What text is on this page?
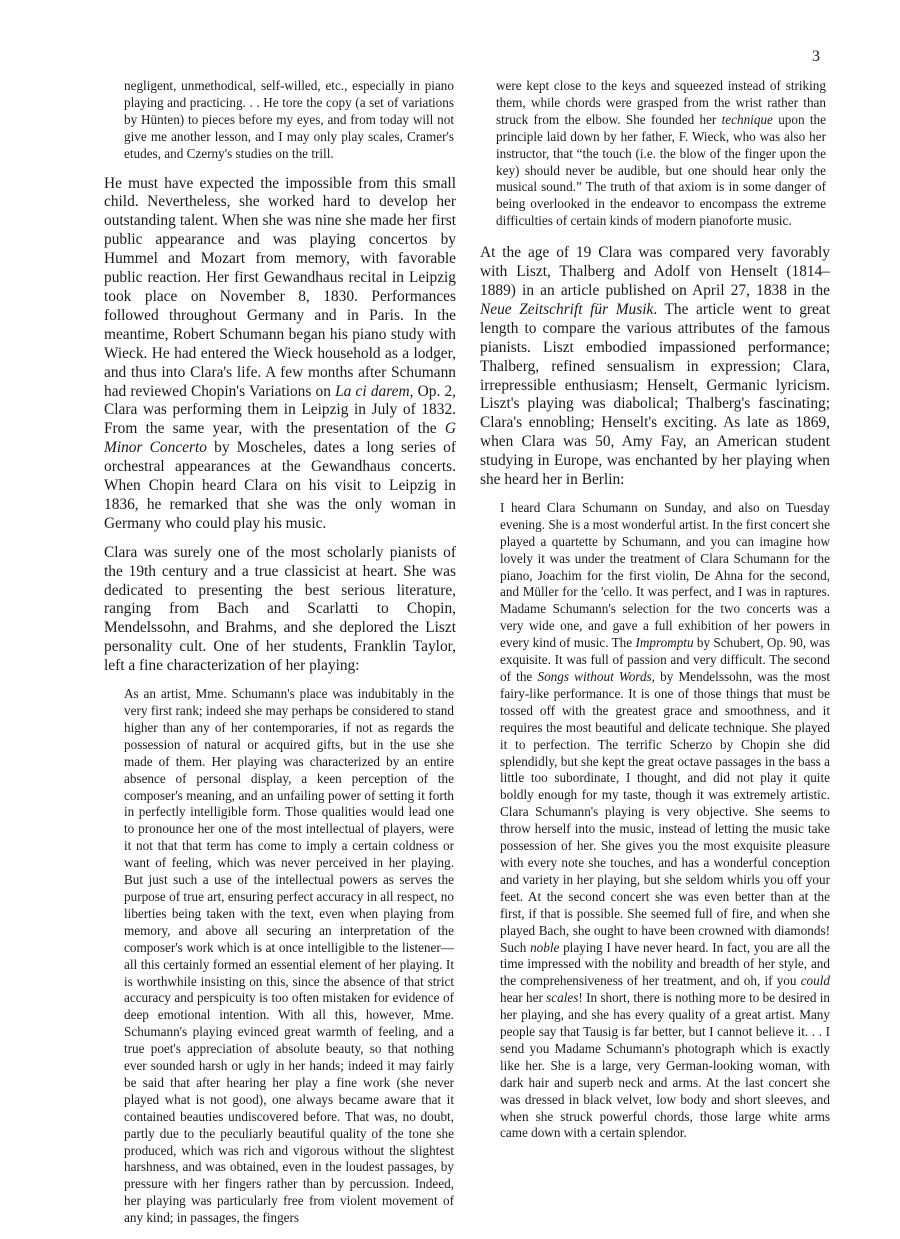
3

negligent, unmethodical, self-willed, etc., especially in piano playing and practicing. . . He tore the copy (a set of variations by Hünten) to pieces before my eyes, and from today will not give me another lesson, and I may only play scales, Cramer's etudes, and Czerny's studies on the trill.

He must have expected the impossible from this small child. Nevertheless, she worked hard to develop her outstanding talent. When she was nine she made her first public appearance and was playing concertos by Hummel and Mozart from memory, with favorable public reaction. Her first Gewandhaus recital in Leipzig took place on November 8, 1830. Performances followed throughout Germany and in Paris. In the meantime, Robert Schumann began his piano study with Wieck. He had entered the Wieck household as a lodger, and thus into Clara's life. A few months after Schumann had reviewed Chopin's Variations on La ci darem, Op. 2, Clara was performing them in Leipzig in July of 1832. From the same year, with the presentation of the G Minor Concerto by Moscheles, dates a long series of orchestral appearances at the Gewandhaus concerts. When Chopin heard Clara on his visit to Leipzig in 1836, he remarked that she was the only woman in Germany who could play his music.

Clara was surely one of the most scholarly pianists of the 19th century and a true classicist at heart. She was dedicated to presenting the best serious literature, ranging from Bach and Scarlatti to Chopin, Mendelssohn, and Brahms, and she deplored the Liszt personality cult. One of her students, Franklin Taylor, left a fine characterization of her playing:

As an artist, Mme. Schumann's place was indubitably in the very first rank; indeed she may perhaps be considered to stand higher than any of her contemporaries, if not as regards the possession of natural or acquired gifts, but in the use she made of them. Her playing was characterized by an entire absence of personal display, a keen perception of the composer's meaning, and an unfailing power of setting it forth in perfectly intelligible form. Those qualities would lead one to pronounce her one of the most intellectual of players, were it not that that term has come to imply a certain coldness or want of feeling, which was never perceived in her playing. But just such a use of the intellectual powers as serves the purpose of true art, ensuring perfect accuracy in all respect, no liberties being taken with the text, even when playing from memory, and above all securing an interpretation of the composer's work which is at once intelligible to the listener—all this certainly formed an essential element of her playing. It is worthwhile insisting on this, since the absence of that strict accuracy and perspicuity is too often mistaken for evidence of deep emotional intention. With all this, however, Mme. Schumann's playing evinced great warmth of feeling, and a true poet's appreciation of absolute beauty, so that nothing ever sounded harsh or ugly in her hands; indeed it may fairly be said that after hearing her play a fine work (she never played what is not good), one always became aware that it contained beauties undiscovered before. That was, no doubt, partly due to the peculiarly beautiful quality of the tone she produced, which was rich and vigorous without the slightest harshness, and was obtained, even in the loudest passages, by pressure with her fingers rather than by percussion. Indeed, her playing was particularly free from violent movement of any kind; in passages, the fingers

were kept close to the keys and squeezed instead of striking them, while chords were grasped from the wrist rather than struck from the elbow. She founded her technique upon the principle laid down by her father, F. Wieck, who was also her instructor, that “the touch (i.e. the blow of the finger upon the key) should never be audible, but one should hear only the musical sound.” The truth of that axiom is in some danger of being overlooked in the endeavor to encompass the extreme difficulties of certain kinds of modern pianoforte music.

At the age of 19 Clara was compared very favorably with Liszt, Thalberg and Adolf von Henselt (1814–1889) in an article published on April 27, 1838 in the Neue Zeitschrift für Musik. The article went to great length to compare the various attributes of the famous pianists. Liszt embodied impassioned performance; Thalberg, refined sensualism in expression; Clara, irrepressible enthusiasm; Henselt, Germanic lyricism. Liszt's playing was diabolical; Thalberg's fascinating; Clara's ennobling; Henselt's exciting. As late as 1869, when Clara was 50, Amy Fay, an American student studying in Europe, was enchanted by her playing when she heard her in Berlin:

I heard Clara Schumann on Sunday, and also on Tuesday evening. She is a most wonderful artist. In the first concert she played a quartette by Schumann, and you can imagine how lovely it was under the treatment of Clara Schumann for the piano, Joachim for the first violin, De Ahna for the second, and Müller for the 'cello. It was perfect, and I was in raptures. Madame Schumann's selection for the two concerts was a very wide one, and gave a full exhibition of her powers in every kind of music. The Impromptu by Schubert, Op. 90, was exquisite. It was full of passion and very difficult. The second of the Songs without Words, by Mendelssohn, was the most fairy-like performance. It is one of those things that must be tossed off with the greatest grace and smoothness, and it requires the most beautiful and delicate technique. She played it to perfection. The terrific Scherzo by Chopin she did splendidly, but she kept the great octave passages in the bass a little too subordinate, I thought, and did not play it quite boldly enough for my taste, though it was extremely artistic. Clara Schumann's playing is very objective. She seems to throw herself into the music, instead of letting the music take possession of her. She gives you the most exquisite pleasure with every note she touches, and has a wonderful conception and variety in her playing, but she seldom whirls you off your feet. At the second concert she was even better than at the first, if that is possible. She seemed full of fire, and when she played Bach, she ought to have been crowned with diamonds! Such noble playing I have never heard. In fact, you are all the time impressed with the nobility and breadth of her style, and the comprehensiveness of her treatment, and oh, if you could hear her scales! In short, there is nothing more to be desired in her playing, and she has every quality of a great artist. Many people say that Tausig is far better, but I cannot believe it. . . I send you Madame Schumann's photograph which is exactly like her. She is a large, very German-looking woman, with dark hair and superb neck and arms. At the last concert she was dressed in black velvet, low body and short sleeves, and when she struck powerful chords, those large white arms came down with a certain splendor.
